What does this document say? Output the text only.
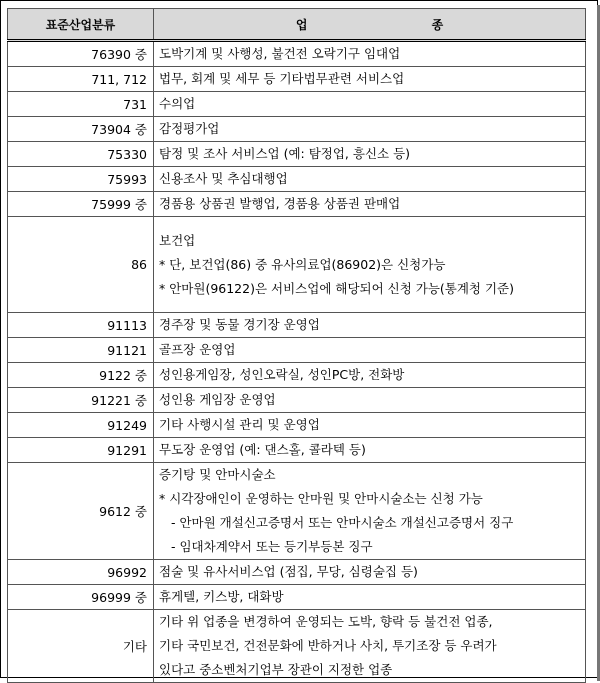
표준산업분류	업 종
76390 중	도박기계 및 사행성, 불건전 오락기구 임대업

711, 712	법무, 회계 및 세무 등 기타법무관련 서비스업

731	수의업

73904 중	감정평가업

75330	탐정 및 조사 서비스업 (예: 탐정업, 흥신소 등)

75993	신용조사 및 추심대행업

75999 중	경품용 상품권 발행업, 경품용 상품권 판매업

86	보건업
* 단, 보건업(86) 중 유사의료업(86902)은 신청가능
* 안마원(96122)은 서비스업에 해당되어 신청 가능(통계청 기준)

91113	경주장 및 동물 경기장 운영업

91121	골프장 운영업

9122 중	성인용게임장, 성인오락실, 성인PC방, 전화방

91221 중	성인용 게임장 운영업

91249	기타 사행시설 관리 및 운영업

91291	무도장 운영업 (예: 댄스홀, 콜라텍 등)

9612 중	증기탕 및 안마시술소
* 시각장애인이 운영하는 안마원 및 안마시술소는 신청 가능
- 안마원 개설신고증명서 또는 안마시술소 개설신고증명서 징구
- 임대차계약서 또는 등기부등본 징구

96992	점술 및 유사서비스업 (점집, 무당, 심령술집 등)

96999 중	휴게텔, 키스방, 대화방

기타	기타 위 업종을 변경하여 운영되는 도박, 향락 등 불건전 업종,
기타 국민보건, 건전문화에 반하거나 사치, 투기조장 등 우려가
있다고 중소벤처기업부 장관이 지정한 업종
